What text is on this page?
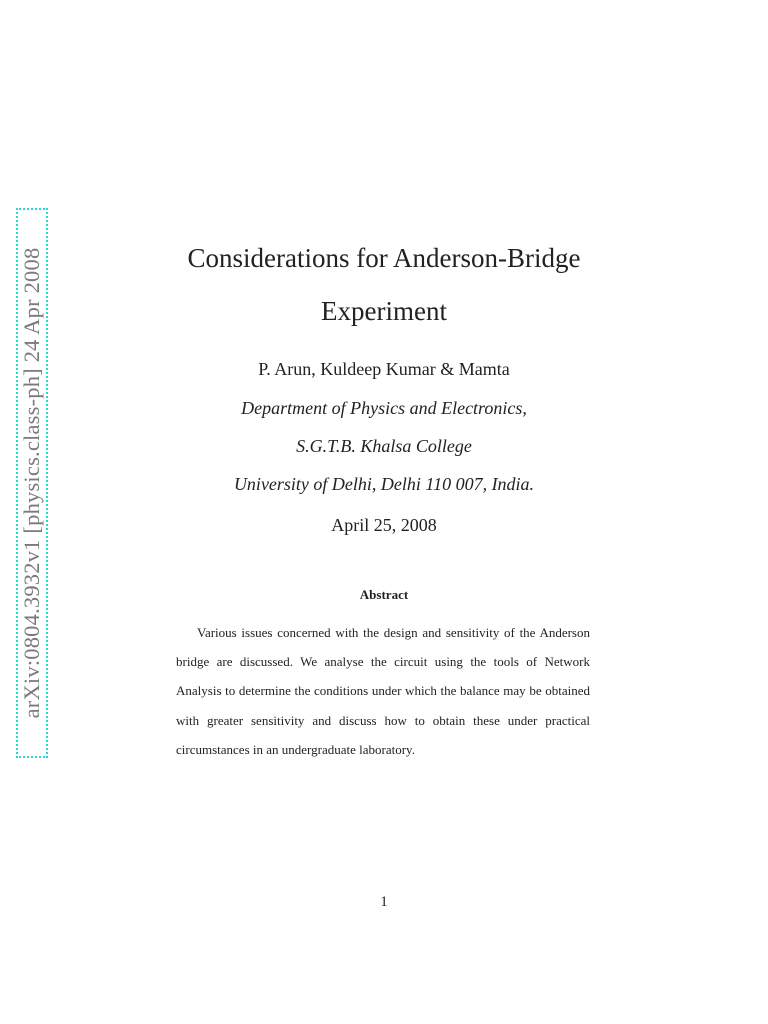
arXiv:0804.3932v1 [physics.class-ph] 24 Apr 2008	Considerations for Anderson-Bridge
Experiment
P. Arun, Kuldeep Kumar & Mamta
Department of Physics and Electronics,
S.G.T.B. Khalsa College
University of Delhi, Delhi 110 007, India.
April 25, 2008
Abstract
Various issues concerned with the design and sensitivity of the Anderson bridge are discussed. We analyse the circuit using the tools of Network Analysis to determine the conditions under which the balance may be obtained with greater sensitivity and discuss how to obtain these under practical circumstances in an undergraduate laboratory.
1
